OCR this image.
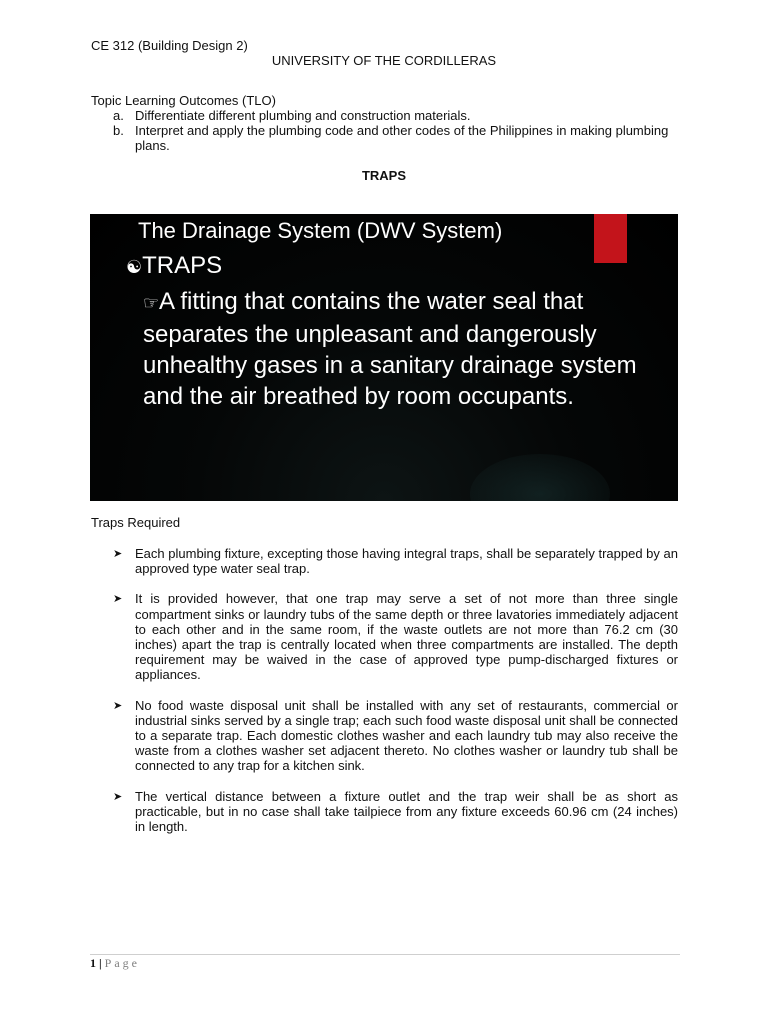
CE 312 (Building Design 2)
UNIVERSITY OF THE CORDILLERAS
Topic Learning Outcomes (TLO)
a. Differentiate different plumbing and construction materials.
b. Interpret and apply the plumbing code and other codes of the Philippines in making plumbing plans.
TRAPS
The Drainage System (DWV System)
☯TRAPS
☞A fitting that contains the water seal that separates the unpleasant and dangerously unhealthy gases in a sanitary drainage system and the air breathed by room occupants.
Traps Required
➤ Each plumbing fixture, excepting those having integral traps, shall be separately trapped by an approved type water seal trap.
➤ It is provided however, that one trap may serve a set of not more than three single compartment sinks or laundry tubs of the same depth or three lavatories immediately adjacent to each other and in the same room, if the waste outlets are not more than 76.2 cm (30 inches) apart the trap is centrally located when three compartments are installed. The depth requirement may be waived in the case of approved type pump-discharged fixtures or appliances.
➤ No food waste disposal unit shall be installed with any set of restaurants, commercial or industrial sinks served by a single trap; each such food waste disposal unit shall be connected to a separate trap. Each domestic clothes washer and each laundry tub may also receive the waste from a clothes washer set adjacent thereto. No clothes washer or laundry tub shall be connected to any trap for a kitchen sink.
➤ The vertical distance between a fixture outlet and the trap weir shall be as short as practicable, but in no case shall take tailpiece from any fixture exceeds 60.96 cm (24 inches) in length.
1 | Page
